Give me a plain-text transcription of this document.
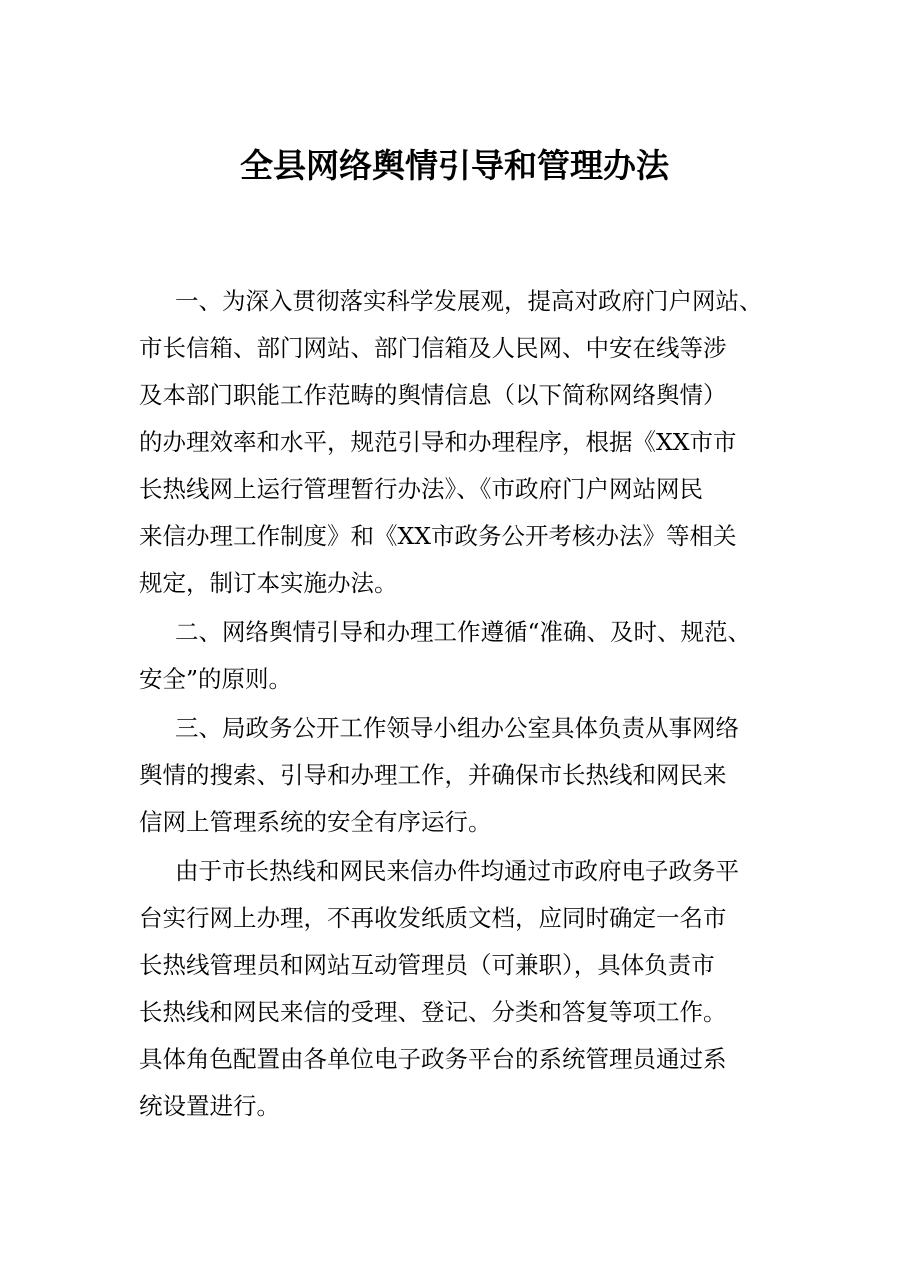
全县网络舆情引导和管理办法
一、为深入贯彻落实科学发展观，提高对政府门户网站、
市长信箱、部门网站、部门信箱及人民网、中安在线等涉
及本部门职能工作范畴的舆情信息（以下简称网络舆情）
的办理效率和水平，规范引导和办理程序，根据《XX市市
长热线网上运行管理暂行办法》、《市政府门户网站网民
来信办理工作制度》和《XX市政务公开考核办法》等相关
规定，制订本实施办法。
二、网络舆情引导和办理工作遵循“准确、及时、规范、
安全”的原则。
三、局政务公开工作领导小组办公室具体负责从事网络
舆情的搜索、引导和办理工作，并确保市长热线和网民来
信网上管理系统的安全有序运行。
由于市长热线和网民来信办件均通过市政府电子政务平
台实行网上办理，不再收发纸质文档，应同时确定一名市
长热线管理员和网站互动管理员（可兼职），具体负责市
长热线和网民来信的受理、登记、分类和答复等项工作。
具体角色配置由各单位电子政务平台的系统管理员通过系
统设置进行。
